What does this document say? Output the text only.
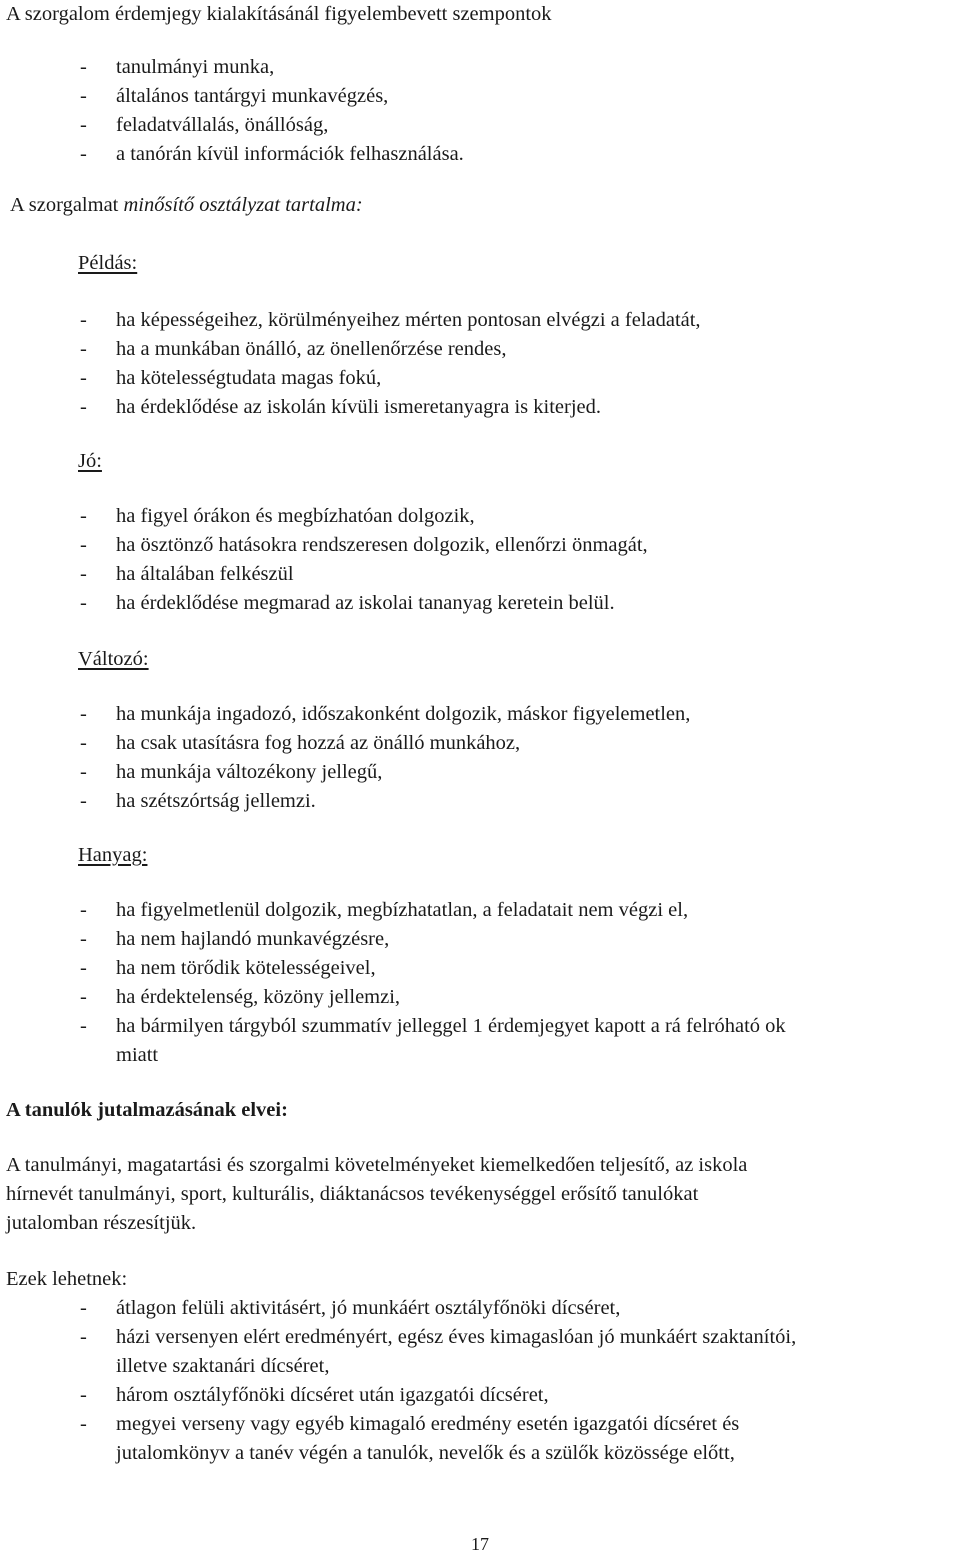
A szorgalom érdemjegy kialakításánál figyelembevett szempontok
- tanulmányi munka,
- általános tantárgyi munkavégzés,
- feladatvállalás, önállóság,
- a tanórán kívül információk felhasználása.
A szorgalmat minősítő osztályzat tartalma:
Példás:
- ha képességeihez, körülményeihez mérten pontosan elvégzi a feladatát,
- ha a munkában önálló, az önellenőrzése rendes,
- ha kötelességtudata magas fokú,
- ha érdeklődése az iskolán kívüli ismeretanyagra is kiterjed.
Jó:
- ha figyel órákon és megbízhatóan dolgozik,
- ha ösztönző hatásokra rendszeresen dolgozik, ellenőrzi önmagát,
- ha általában felkészül
- ha érdeklődése megmarad az iskolai tananyag keretein belül.
Változó:
- ha munkája ingadozó, időszakonként dolgozik, máskor figyelemetlen,
- ha csak utasításra fog hozzá az önálló munkához,
- ha munkája változékony jellegű,
- ha szétszórtság jellemzi.
Hanyag:
- ha figyelmetlenül dolgozik, megbízhatatlan, a feladatait nem végzi el,
- ha nem hajlandó munkavégzésre,
- ha nem törődik kötelességeivel,
- ha érdektelenség, közöny jellemzi,
- ha bármilyen tárgyból szummatív jelleggel 1 érdemjegyet kapott a rá felróható ok
miatt
A tanulók jutalmazásának elvei:
A tanulmányi, magatartási és szorgalmi követelményeket kiemelkedően teljesítő, az iskola
hírnevét tanulmányi, sport, kulturális, diáktanácsos tevékenységgel erősítő tanulókat
jutalomban részesítjük.
Ezek lehetnek:
- átlagon felüli aktivitásért, jó munkáért osztályfőnöki dícséret,
- házi versenyen elért eredményért, egész éves kimagaslóan jó munkáért szaktanítói,
illetve szaktanári dícséret,
- három osztályfőnöki dícséret után igazgatói dícséret,
- megyei verseny vagy egyéb kimagaló eredmény esetén igazgatói dícséret és
jutalomkönyv a tanév végén a tanulók, nevelők és a szülők közössége előtt,
17
